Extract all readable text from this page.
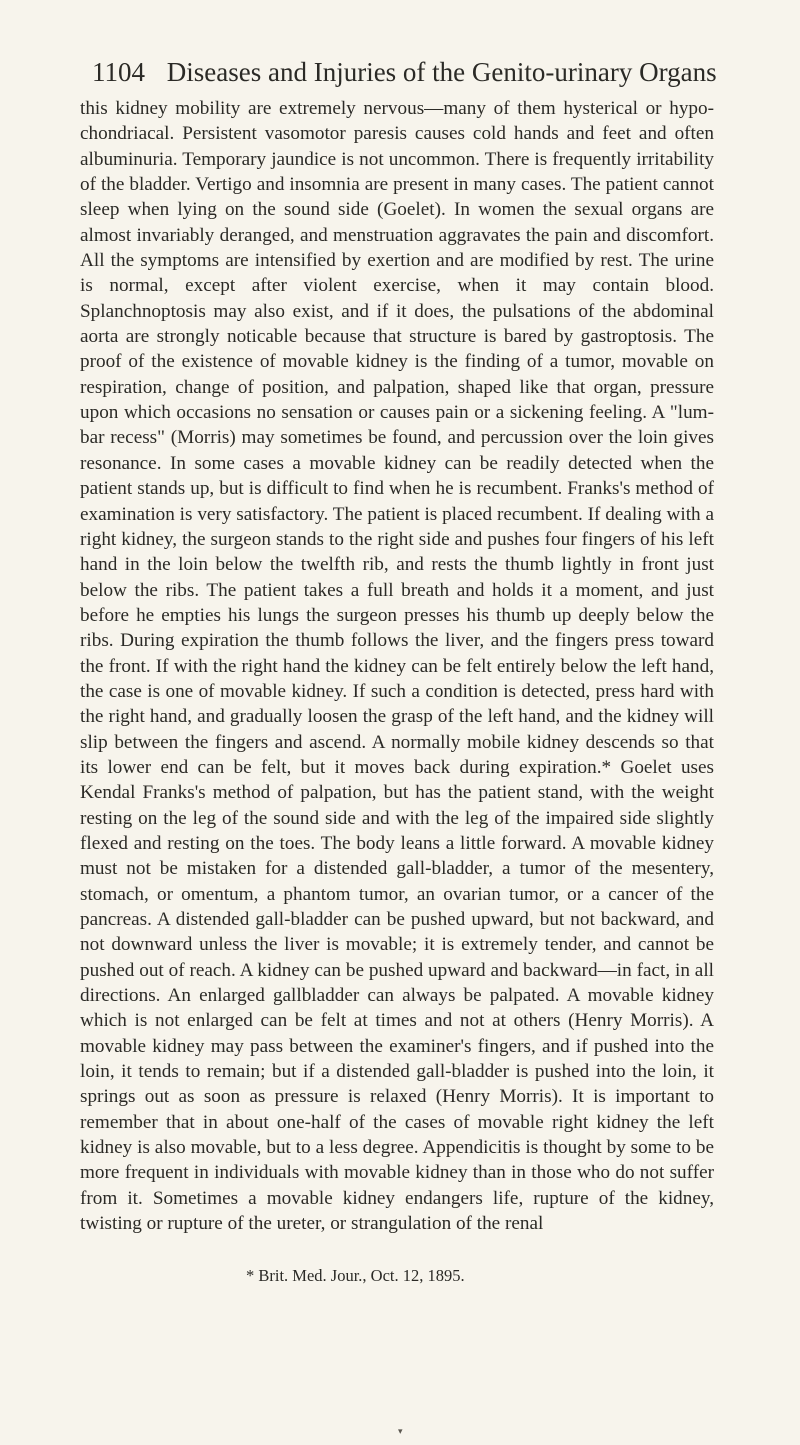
1104 Diseases and Injuries of the Genito-urinary Organs

this kidney mobility are extremely nervous—many of them hysterical or hypochondriacal. Persistent vasomotor paresis causes cold hands and feet and often albuminuria. Temporary jaundice is not uncommon. There is frequently irritability of the bladder. Vertigo and insomnia are present in many cases. The patient cannot sleep when lying on the sound side (Goelet). In women the sexual organs are almost invariably deranged, and menstruation aggravates the pain and discomfort. All the symptoms are intensified by exertion and are modified by rest. The urine is normal, except after violent exercise, when it may contain blood. Splanchnoptosis may also exist, and if it does, the pulsations of the abdominal aorta are strongly noticable because that structure is bared by gastroptosis. The proof of the existence of movable kidney is the finding of a tumor, movable on respiration, change of position, and palpation, shaped like that organ, pressure upon which occasions no sensation or causes pain or a sickening feeling. A "lumbar recess" (Morris) may sometimes be found, and percussion over the loin gives resonance. In some cases a movable kidney can be readily detected when the patient stands up, but is difficult to find when he is recumbent. Franks's method of examination is very satisfactory. The patient is placed recumbent. If dealing with a right kidney, the surgeon stands to the right side and pushes four fingers of his left hand in the loin below the twelfth rib, and rests the thumb lightly in front just below the ribs. The patient takes a full breath and holds it a moment, and just before he empties his lungs the surgeon presses his thumb up deeply below the ribs. During expiration the thumb follows the liver, and the fingers press toward the front. If with the right hand the kidney can be felt entirely below the left hand, the case is one of movable kidney. If such a condition is detected, press hard with the right hand, and gradually loosen the grasp of the left hand, and the kidney will slip between the fingers and ascend. A normally mobile kidney descends so that its lower end can be felt, but it moves back during expiration.* Goelet uses Kendal Franks's method of palpation, but has the patient stand, with the weight resting on the leg of the sound side and with the leg of the impaired side slightly flexed and resting on the toes. The body leans a little forward. A movable kidney must not be mistaken for a distended gall-bladder, a tumor of the mesentery, stomach, or omentum, a phantom tumor, an ovarian tumor, or a cancer of the pancreas. A distended gall-bladder can be pushed upward, but not backward, and not downward unless the liver is movable; it is extremely tender, and cannot be pushed out of reach. A kidney can be pushed upward and backward—in fact, in all directions. An enlarged gallbladder can always be palpated. A movable kidney which is not enlarged can be felt at times and not at others (Henry Morris). A movable kidney may pass between the examiner's fingers, and if pushed into the loin, it tends to remain; but if a distended gall-bladder is pushed into the loin, it springs out as soon as pressure is relaxed (Henry Morris). It is important to remember that in about one-half of the cases of movable right kidney the left kidney is also movable, but to a less degree. Appendicitis is thought by some to be more frequent in individuals with movable kidney than in those who do not suffer from it. Sometimes a movable kidney endangers life, rupture of the kidney, twisting or rupture of the ureter, or strangulation of the renal

* Brit. Med. Jour., Oct. 12, 1895.
▾
